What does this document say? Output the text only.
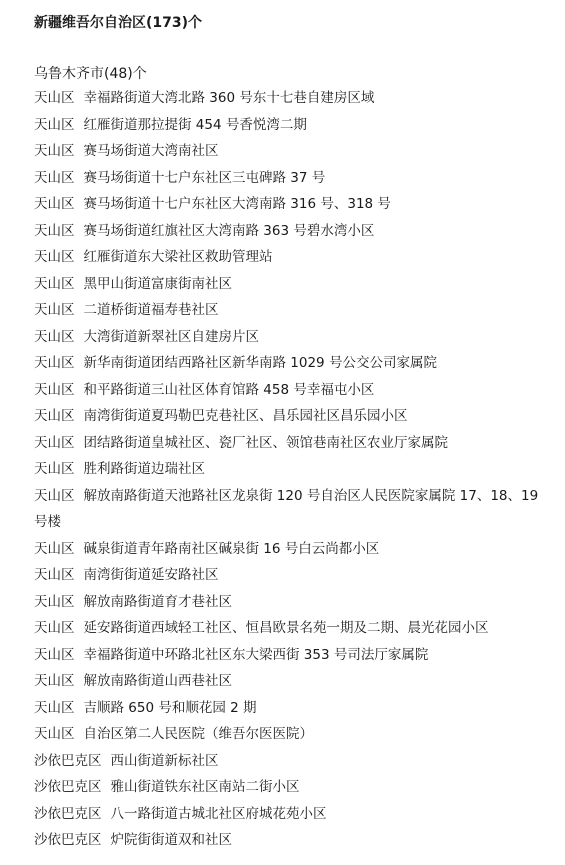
新疆维吾尔自治区(173)个
乌鲁木齐市(48)个
天山区 幸福路街道大湾北路 360 号东十七巷自建房区域
天山区 红雁街道那拉提街 454 号香悦湾二期
天山区 赛马场街道大湾南社区
天山区 赛马场街道十七户东社区三屯碑路 37 号
天山区 赛马场街道十七户东社区大湾南路 316 号、318 号
天山区 赛马场街道红旗社区大湾南路 363 号碧水湾小区
天山区 红雁街道东大梁社区救助管理站
天山区 黑甲山街道富康街南社区
天山区 二道桥街道福寿巷社区
天山区 大湾街道新翠社区自建房片区
天山区 新华南街道团结西路社区新华南路 1029 号公交公司家属院
天山区 和平路街道三山社区体育馆路 458 号幸福屯小区
天山区 南湾街街道夏玛勒巴克巷社区、昌乐园社区昌乐园小区
天山区 团结路街道皇城社区、瓷厂社区、领馆巷南社区农业厅家属院
天山区 胜利路街道边瑞社区
天山区 解放南路街道天池路社区龙泉街 120 号自治区人民医院家属院 17、18、19 号楼
天山区 碱泉街道青年路南社区碱泉街 16 号白云尚都小区
天山区 南湾街街道延安路社区
天山区 解放南路街道育才巷社区
天山区 延安路街道西域轻工社区、恒昌欧景名苑一期及二期、晨光花园小区
天山区 幸福路街道中环路北社区东大梁西街 353 号司法厅家属院
天山区 解放南路街道山西巷社区
天山区 吉顺路 650 号和顺花园 2 期
天山区 自治区第二人民医院（维吾尔医医院）
沙依巴克区 西山街道新标社区
沙依巴克区 雅山街道铁东社区南站二街小区
沙依巴克区 八一路街道古城北社区府城花苑小区
沙依巴克区 炉院街街道双和社区
